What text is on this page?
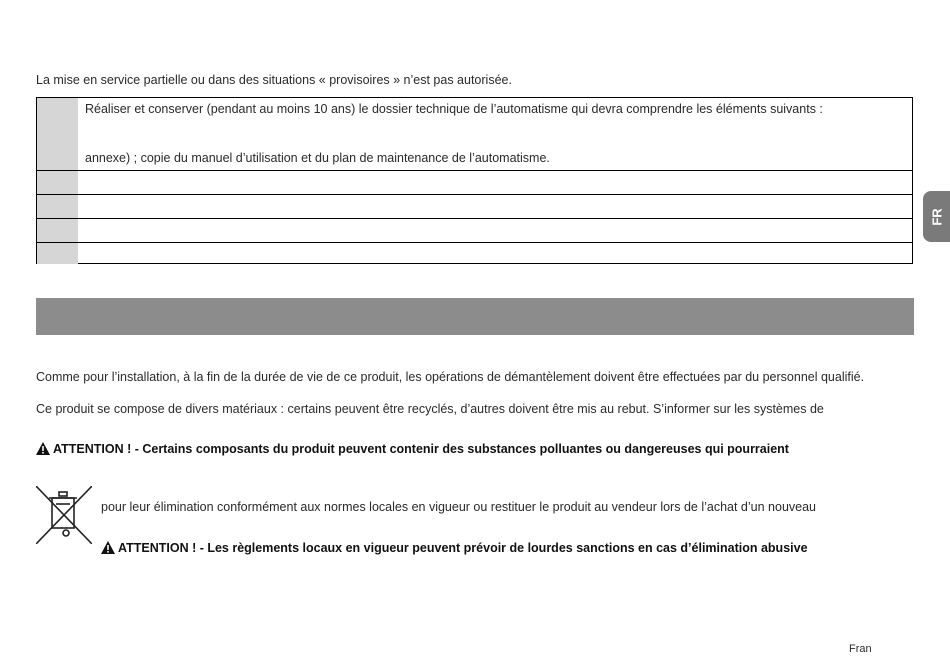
FR
La mise en service partielle ou dans des situations « provisoires » n’est pas autorisée.
Réaliser et conserver (pendant au moins 10 ans) le dossier technique de l’automatisme qui devra comprendre les éléments suivants :
annexe) ; copie du manuel d’utilisation et du plan de maintenance de l’automatisme.
Comme pour l’installation, à la fin de la durée de vie de ce produit, les opérations de démantèlement doivent être effectuées par du personnel qualifié.
Ce produit se compose de divers matériaux : certains peuvent être recyclés, d’autres doivent être mis au rebut. S’informer sur les systèmes de
ATTENTION ! - Certains composants du produit peuvent contenir des substances polluantes ou dangereuses qui pourraient
pour leur élimination conformément aux normes locales en vigueur ou restituer le produit au vendeur lors de l’achat d’un nouveau
ATTENTION ! - Les règlements locaux en vigueur peuvent prévoir de lourdes sanctions en cas d’élimination abusive
Fran
